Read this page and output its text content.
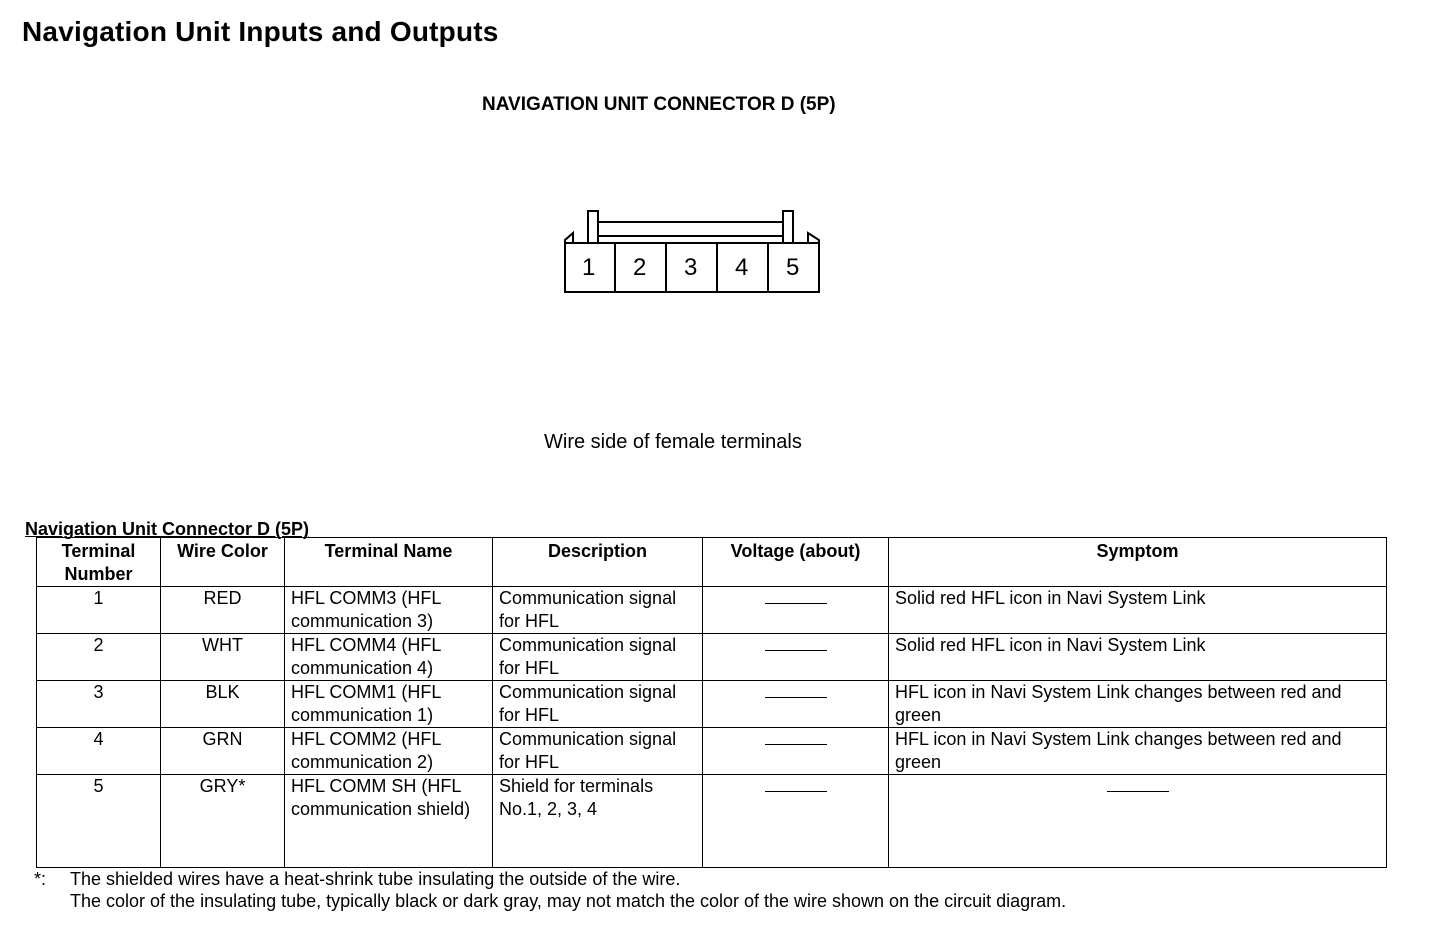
Navigation Unit Inputs and Outputs
NAVIGATION UNIT CONNECTOR D (5P)
1 2 3 4 5
Wire side of female terminals
Navigation Unit Connector D (5P)
Terminal Number	Wire Color	Terminal Name	Description	Voltage (about)	Symptom
1	RED	HFL COMM3 (HFL communication 3)	Communication signal for HFL		Solid red HFL icon in Navi System Link
2	WHT	HFL COMM4 (HFL communication 4)	Communication signal for HFL		Solid red HFL icon in Navi System Link
3	BLK	HFL COMM1 (HFL communication 1)	Communication signal for HFL		HFL icon in Navi System Link changes between red and green
4	GRN	HFL COMM2 (HFL communication 2)	Communication signal for HFL		HFL icon in Navi System Link changes between red and green
5	GRY*	HFL COMM SH (HFL communication shield)	Shield for terminals No.1, 2, 3, 4		
*: The shielded wires have a heat-shrink tube insulating the outside of the wire.
The color of the insulating tube, typically black or dark gray, may not match the color of the wire shown on the circuit diagram.
